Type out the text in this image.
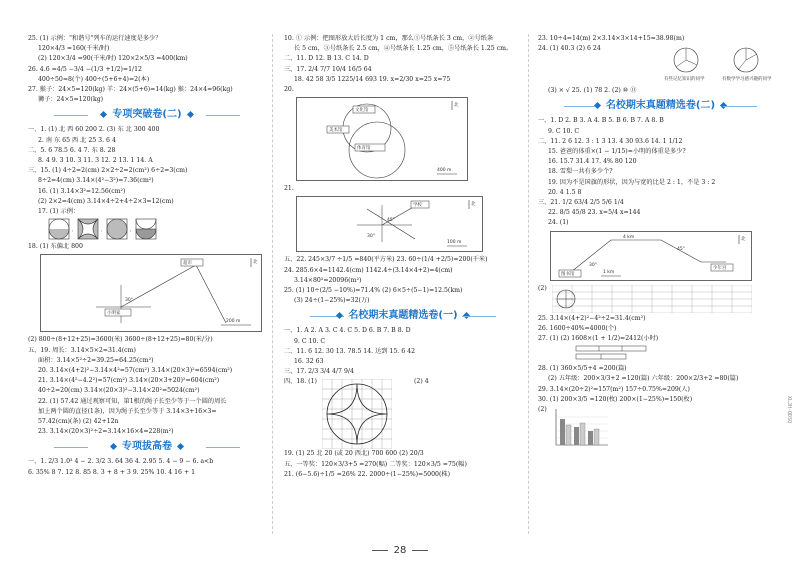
25. (1) 示例："和谐号"列车的运行速度是多少？
120×4/3 =160(千米/时)
(2) 120×3/4 =90(千米/时) 120×2×5/3 =400(km)
26. 4.6 =4/5 −3/4 −(1/3 +1/2)=1/12
400÷50=8(个) 400÷(5+6+4)=2(本)
27. 猴子：24×5=120(kg) 羊：24×(5+6)=14(kg) 猴：24×4=96(kg)
狮子：24×5=120(kg)
专项突破卷(二)
一、1. (1) 北 西 60 200 2. (3) 东 北 300 400
2. 南 东 65 西 北 25 3. 6 4
二、5. 6 78.5 6. 4 7. 东 8. 28
8. 4 9. 3 10. 3 11. 3 12. 2 13. 1 14. A
三、15. (1) 4÷2=2(cm) 2×2÷2=2(cm²) 6÷2=3(cm)
8÷2=4(cm) 3.14×(4²−3²)=7.36(cm²)
16. (1) 3.14×3²=12.56(cm²)
(2) 2×2=4(cm) 3.14×4÷2+4÷2×3=12(cm)
17. (1) 示例：
,	,	,
18. (1) 东偏北 800
北
小明家
超市
30°
200 m
(2) 800÷(8+12+25)=3600(米) 3600÷(8+12+25)=80(米/分)
五、19. 周长：3.14×5×2=31.4(cm)
面积：3.14×5²÷2=39.25=64.25(cm²)
20. 3.14×(4+2)²−3.14×4²=57(cm²) 3.14×(20×3)²=6594(cm²)
21. 3.14×(4²−4.2²)=57(cm²) 3.14×(20×3+20)²=604(cm²)
40÷2=20(cm) 3.14×(20×3)²−3.14×20²=5024(cm²)
22. (1) 57.42 通过观察可知，第1根的绳子长至少等于一个圆的周长
加上两个圆的直径(1条)，因为绳子长至少等于 3.14×3+16×3=
57.42(cm)(条) (2) 42+12n
23. 3.14×(20×3)²÷2=3.14×16×4=228(m²)
专项拔高卷
一、1. 2/3 1.0³ 4 − 2. 3/2 3. 64 36 4. 2.95 5. 4 − 9 − 6. a<b
6. 35% 8 7. 12 8. 85 8. 3 + 8 + 3 9. 25% 10. 4 16 + 1
10. ① 示例：把图形放大后长度为 1 cm，那么①号纸条长 3 cm，②号纸条
长 5 cm，③号纸条长 2.5 cm，④号纸条长 1.25 cm，⑤号纸条长 1.25 cm。
二、11. D 12. B 13. C 14. D
三、17. 2/4 7/7 10/4 16/5 64
18. 42 58 3/5 1225/14 693 19. x=2/30 x=25 x=75
20.
北
文化馆
美术馆
体育馆
400 m
21.
北
学校
45°
30°
100 m
五、22. 245×3/7 ÷1/5 =840(平方米) 23. 60÷(1/4 +2/5)=200(千米)
24. 285.6×4=1142.4(cm) 1142.4÷(3.14×4+2)=4(cm)
3.14×80²=20096(m²)
25. (1) 10÷(2/5 −10%)=71.4% (2) 6×5÷(5−1)=12.5(km)
(3) 24÷(1−25%)=32(万)
名校期末真题精选卷(一)
一、1. A 2. A 3. C 4. C 5. D 6. B 7. B 8. D
9. C 10. C
二、11. 6 12. 30 13. 78.5 14. 达到 15. 6 42
16. 32 63
三、17. 2/3 3/4 4/7 9/4
四、18. (1)	(2) 4
19. (1) 25 北 20 (或 20 西北) 700 600 (2) 20/3
五、一等奖：120×3/3+5 =270(幅) 二等奖：120×3/5 =75(幅)
21. (6−5.6)÷1/5 =26% 22. 2000÷(1−25%)=5000(株)
23. 10÷4=14(m) 2×3.14×3×14+15=38.98(m)
24. (1) 40.3 (2) 6 24
有些记忆知识的同学	有数学学习感兴趣的同学
(3) × √ 25. (1) 78 2. (2) ⑩ ⑪
名校期末真题精选卷(二)
一、1. D 2. B 3. A 4. B 5. B 6. B 7. A 8. B
9. C 10. C
二、11. 2 6 12. 3 : 1 3 13. 4 30 93.6 14. 1 1/12
15. 爸爸的体重×(1 − 1/15)=小明的体重是多少?
16. 15.7 31.4 17. 4% 80 120
18. 雪梨一共有多少个?
19. 因为不是国旗的形状，因为与宽的比是 2 : 1，不是 3 : 2
20. 4 1.5 8
三、21. 1/2 63/4 2/5 5/6 1/4
22. 8/5 45/8 23. x=5/4 x=144
24. (1)
北
4 km
图书馆
少年宫
30°
45°
1 km
(2)
25. 3.14×(4+2)²−4²÷2=31.4(cm²)
26. 1600÷40%=4000(个)
27. (1) (2) 1608×(1 + 1/2)=2412(小时)
28. (1) 360×5/5+4 =200(篇)
(2) 五年级：200×3/3+2 =120(篇) 六年级：200×2/3+2 =80(篇)
29. 3.14×(20÷2)²=157(m²) 157÷0.75%=209(人)
30. (1) 200×3/5 =120(枚) 200×(1−25%)=150(枚)
(2)
28
XLJH-QDSQ
